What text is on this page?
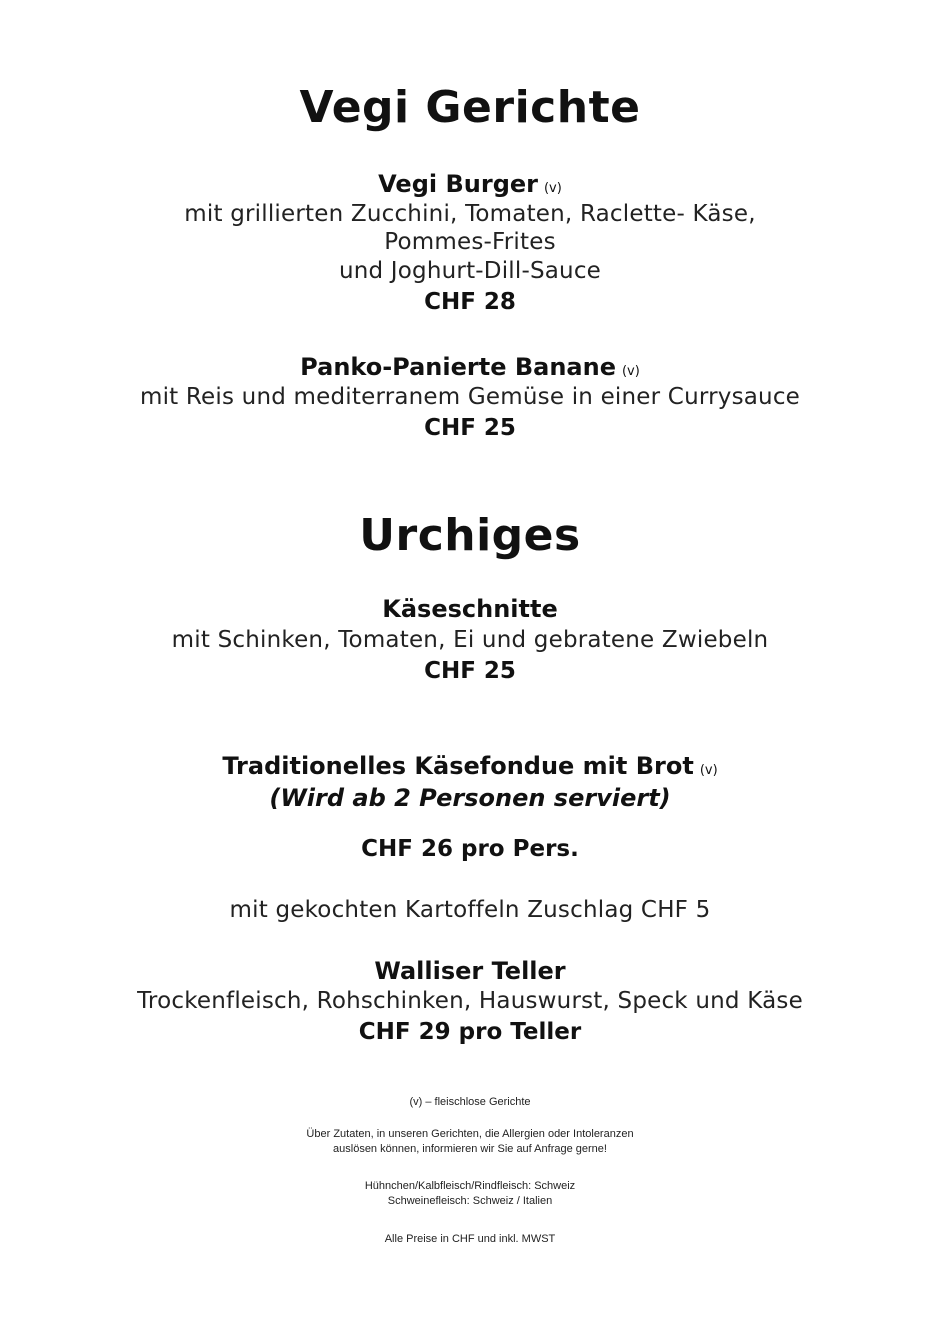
Vegi Gerichte
Vegi Burger (v)
mit grillierten Zucchini, Tomaten, Raclette- Käse,
Pommes-Frites
und Joghurt-Dill-Sauce
CHF 28
Panko-Panierte Banane (v)
mit Reis und mediterranem Gemüse in einer Currysauce
CHF 25
Urchiges
Käseschnitte
mit Schinken, Tomaten, Ei und gebratene Zwiebeln
CHF 25
Traditionelles Käsefondue mit Brot (v)
(Wird ab 2 Personen serviert)
CHF 26 pro Pers.
mit gekochten Kartoffeln Zuschlag CHF 5
Walliser Teller
Trockenfleisch, Rohschinken, Hauswurst, Speck und Käse
CHF 29 pro Teller
(v) – fleischlose Gerichte
Über Zutaten, in unseren Gerichten, die Allergien oder Intoleranzen
auslösen können, informieren wir Sie auf Anfrage gerne!
Hühnchen/Kalbfleisch/Rindfleisch: Schweiz
Schweinefleisch: Schweiz / Italien
Alle Preise in CHF und inkl. MWST
